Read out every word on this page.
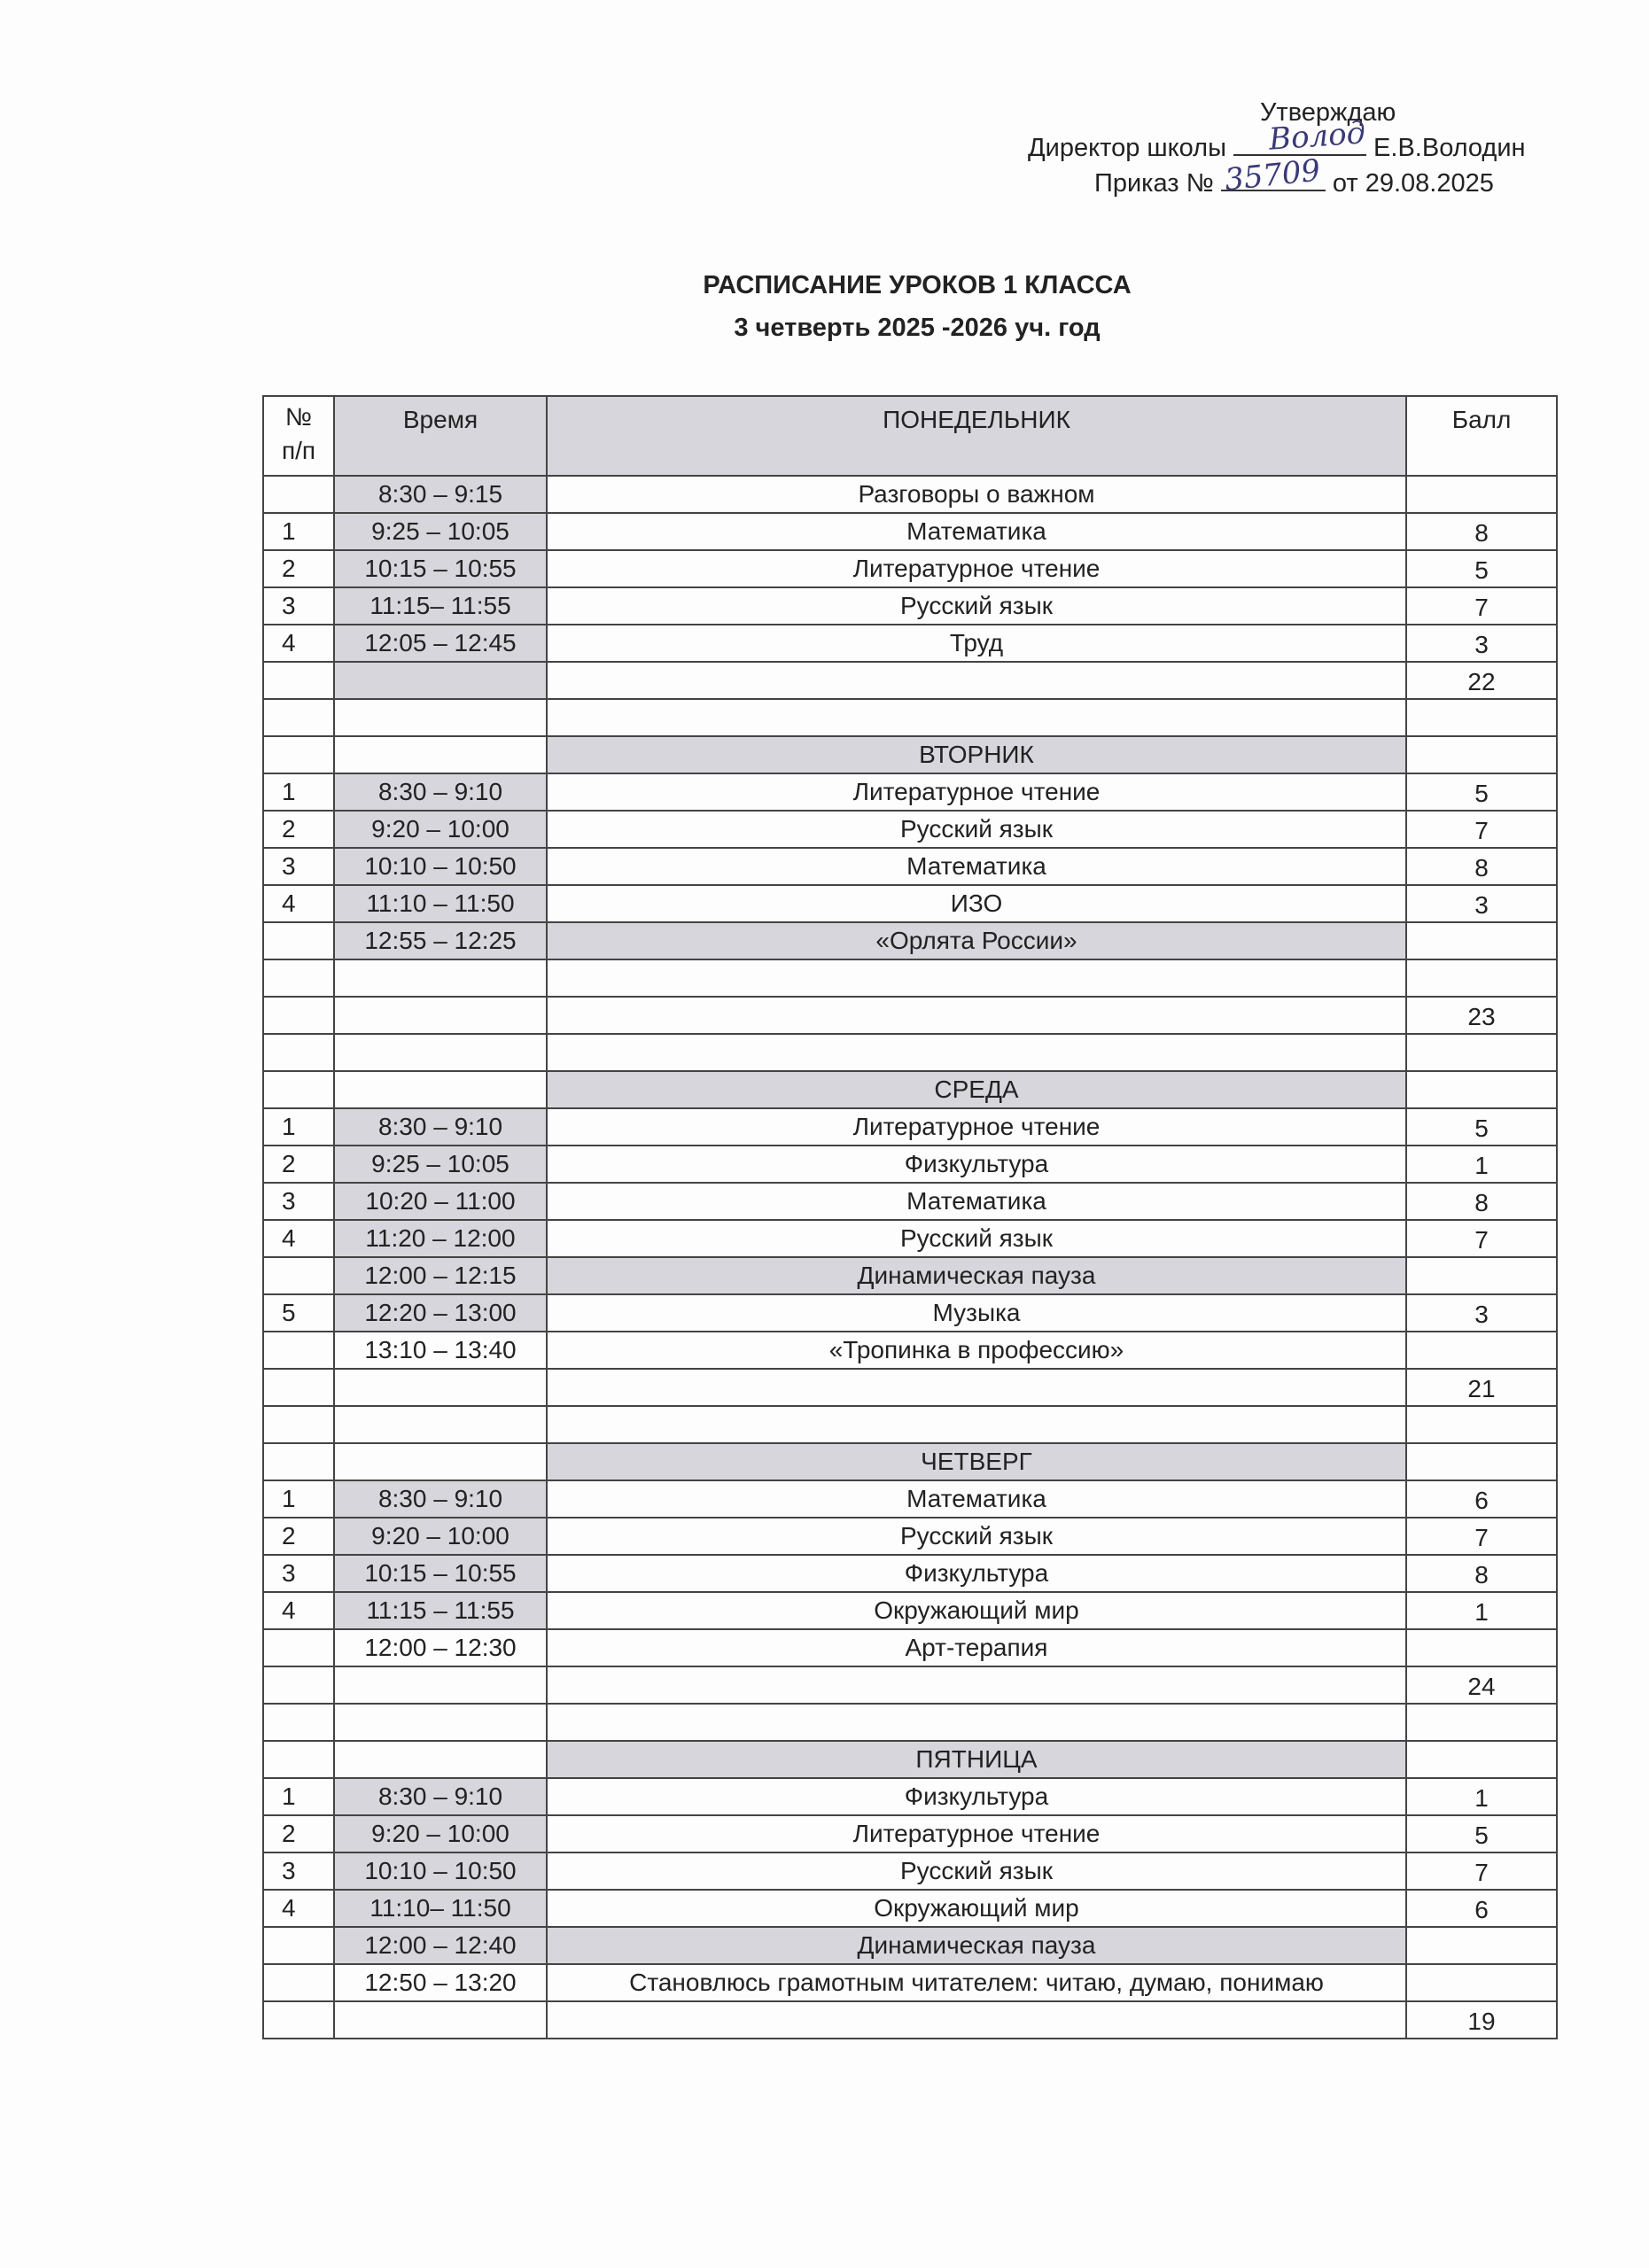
Утверждаю
Директор школы	Е.В.Володин
Приказ №	от 29.08.2025
Волод
35709
РАСПИСАНИЕ УРОКОВ 1 КЛАССА
3 четверть 2025 -2026 уч. год
№
п/п	Время	ПОНЕДЕЛЬНИК	Балл
	8:30 – 9:15	Разговоры о важном	
1	9:25 – 10:05	Математика	8
2	10:15 – 10:55	Литературное чтение	5
3	11:15– 11:55	Русский язык	7
4	12:05 – 12:45	Труд	3
			22

		ВТОРНИК	
1	8:30 – 9:10	Литературное чтение	5
2	9:20 – 10:00	Русский язык	7
3	10:10 – 10:50	Математика	8
4	11:10 – 11:50	ИЗО	3
	12:55 – 12:25	«Орлята России»	

			23

		СРЕДА	
1	8:30 – 9:10	Литературное чтение	5
2	9:25 – 10:05	Физкультура	1
3	10:20 – 11:00	Математика	8
4	11:20 – 12:00	Русский язык	7
	12:00 – 12:15	Динамическая пауза	
5	12:20 – 13:00	Музыка	3
	13:10 – 13:40	«Тропинка в профессию»	
			21

		ЧЕТВЕРГ	
1	8:30 – 9:10	Математика	6
2	9:20 – 10:00	Русский язык	7
3	10:15 – 10:55	Физкультура	8
4	11:15 – 11:55	Окружающий мир	1
	12:00 – 12:30	Арт-терапия	
			24

		ПЯТНИЦА	
1	8:30 – 9:10	Физкультура	1
2	9:20 – 10:00	Литературное чтение	5
3	10:10 – 10:50	Русский язык	7
4	11:10– 11:50	Окружающий мир	6
	12:00 – 12:40	Динамическая пауза	
	12:50 – 13:20	Становлюсь грамотным читателем: читаю, думаю, понимаю	
			19
